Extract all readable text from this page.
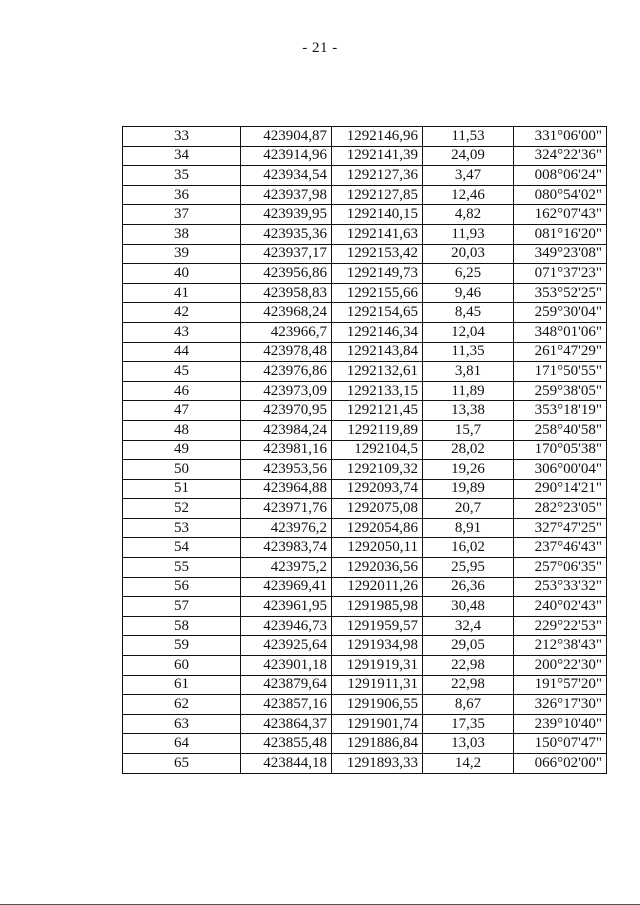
- 21 -
33	423904,87	1292146,96	11,53	331°06'00"
34	423914,96	1292141,39	24,09	324°22'36"
35	423934,54	1292127,36	3,47	008°06'24"
36	423937,98	1292127,85	12,46	080°54'02"
37	423939,95	1292140,15	4,82	162°07'43"
38	423935,36	1292141,63	11,93	081°16'20"
39	423937,17	1292153,42	20,03	349°23'08"
40	423956,86	1292149,73	6,25	071°37'23"
41	423958,83	1292155,66	9,46	353°52'25"
42	423968,24	1292154,65	8,45	259°30'04"
43	423966,7	1292146,34	12,04	348°01'06"
44	423978,48	1292143,84	11,35	261°47'29"
45	423976,86	1292132,61	3,81	171°50'55"
46	423973,09	1292133,15	11,89	259°38'05"
47	423970,95	1292121,45	13,38	353°18'19"
48	423984,24	1292119,89	15,7	258°40'58"
49	423981,16	1292104,5	28,02	170°05'38"
50	423953,56	1292109,32	19,26	306°00'04"
51	423964,88	1292093,74	19,89	290°14'21"
52	423971,76	1292075,08	20,7	282°23'05"
53	423976,2	1292054,86	8,91	327°47'25"
54	423983,74	1292050,11	16,02	237°46'43"
55	423975,2	1292036,56	25,95	257°06'35"
56	423969,41	1292011,26	26,36	253°33'32"
57	423961,95	1291985,98	30,48	240°02'43"
58	423946,73	1291959,57	32,4	229°22'53"
59	423925,64	1291934,98	29,05	212°38'43"
60	423901,18	1291919,31	22,98	200°22'30"
61	423879,64	1291911,31	22,98	191°57'20"
62	423857,16	1291906,55	8,67	326°17'30"
63	423864,37	1291901,74	17,35	239°10'40"
64	423855,48	1291886,84	13,03	150°07'47"
65	423844,18	1291893,33	14,2	066°02'00"
